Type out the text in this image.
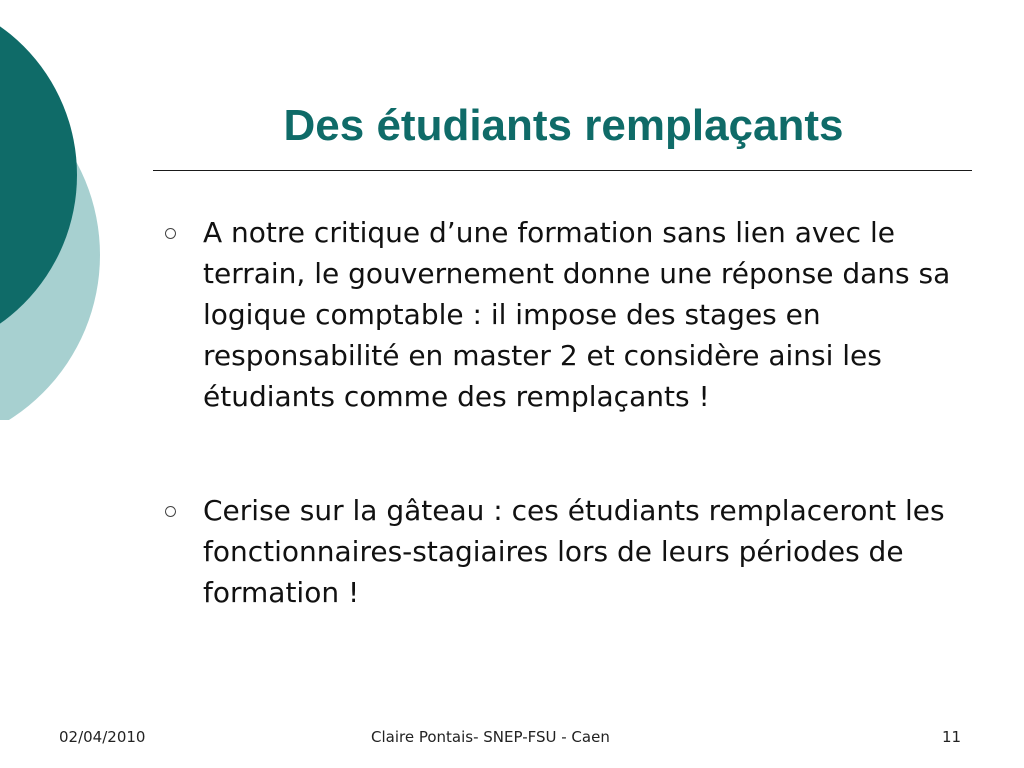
Des étudiants remplaçants
A notre critique d’une formation sans lien avec le terrain, le gouvernement donne une réponse dans sa logique comptable : il impose des stages en responsabilité en master 2 et considère ainsi les étudiants comme des remplaçants !
Cerise sur la gâteau : ces étudiants remplaceront les fonctionnaires-stagiaires lors de leurs périodes de formation !
02/04/2010	Claire Pontais- SNEP-FSU - Caen	11
